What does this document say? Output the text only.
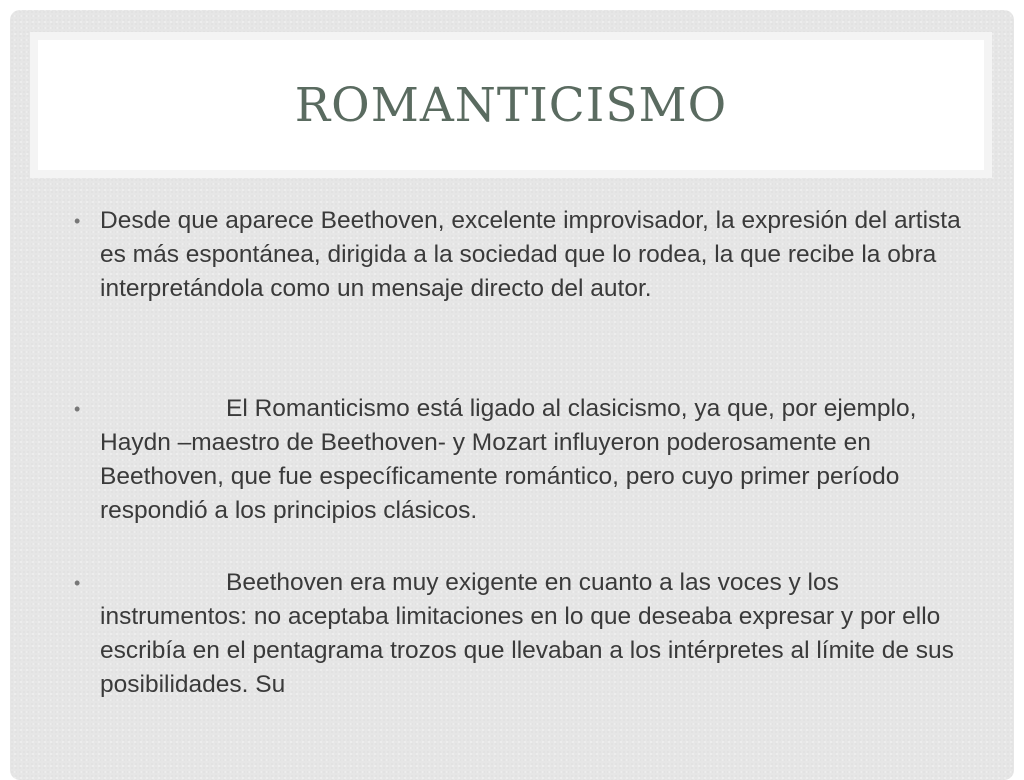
ROMANTICISMO
• Desde que aparece Beethoven, excelente improvisador, la expresión del artista es más espontánea, dirigida a la sociedad que lo rodea, la que recibe la obra interpretándola como un mensaje directo del autor.
•	El Romanticismo está ligado al clasicismo, ya que, por ejemplo, Haydn –maestro de Beethoven- y Mozart influyeron poderosamente en Beethoven, que fue específicamente romántico, pero cuyo primer período respondió a los principios clásicos.
•	Beethoven era muy exigente en cuanto a las voces y los instrumentos: no aceptaba limitaciones en lo que deseaba expresar y por ello escribía en el pentagrama trozos que llevaban a los intérpretes al límite de sus posibilidades. Su
